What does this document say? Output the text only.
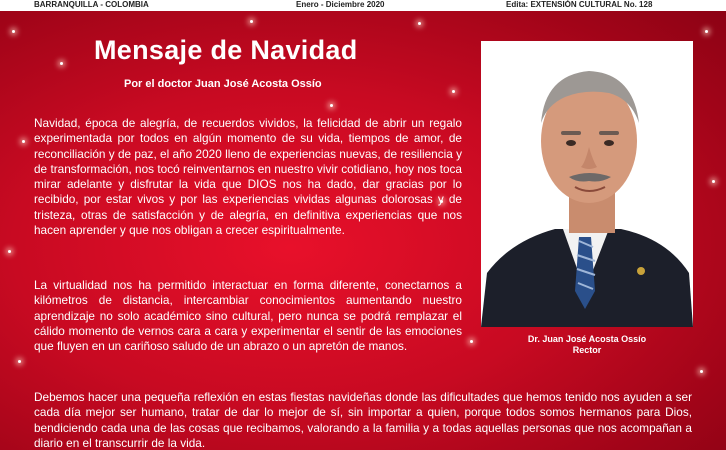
BARRANQUILLA - COLOMBIA	Enero - Diciembre 2020	Edita: EXTENSIÓN CULTURAL No. 128
Mensaje de Navidad

Por el doctor Juan José Acosta Ossío

Navidad, época de alegría, de recuerdos vividos, la felicidad de abrir un regalo experimentada por todos en algún momento de su vida, tiempos de amor, de reconciliación y de paz, el año 2020 lleno de experiencias nuevas, de resiliencia y de transformación, nos tocó reinventarnos en nuestro vivir cotidiano, hoy nos toca mirar adelante y disfrutar la vida que DIOS nos ha dado, dar gracias por lo recibido, por estar vivos y por las experiencias vividas algunas dolorosas y de tristeza, otras de satisfacción y de alegría, en definitiva experiencias que nos hacen aprender y que nos obligan a crecer espiritualmente.

La virtualidad nos ha permitido interactuar en forma diferente, conectarnos a kilómetros de distancia, intercambiar conocimientos aumentando nuestro aprendizaje no solo académico sino cultural, pero nunca se podrá remplazar el cálido momento de vernos cara a cara y experimentar el sentir de las emociones que fluyen en un cariñoso saludo de un abrazo o un apretón de manos.

Debemos hacer una pequeña reflexión en estas fiestas navideñas donde las dificultades que hemos tenido nos ayuden a ser cada día mejor ser humano, tratar de dar lo mejor de sí, sin importar a quien, porque todos somos hermanos para Dios, bendiciendo cada una de las cosas que recibamos, valorando a la familia y a todas aquellas personas que nos acompañan a diario en el transcurrir de la vida.

Dr. Juan José Acosta Ossío

Rector
